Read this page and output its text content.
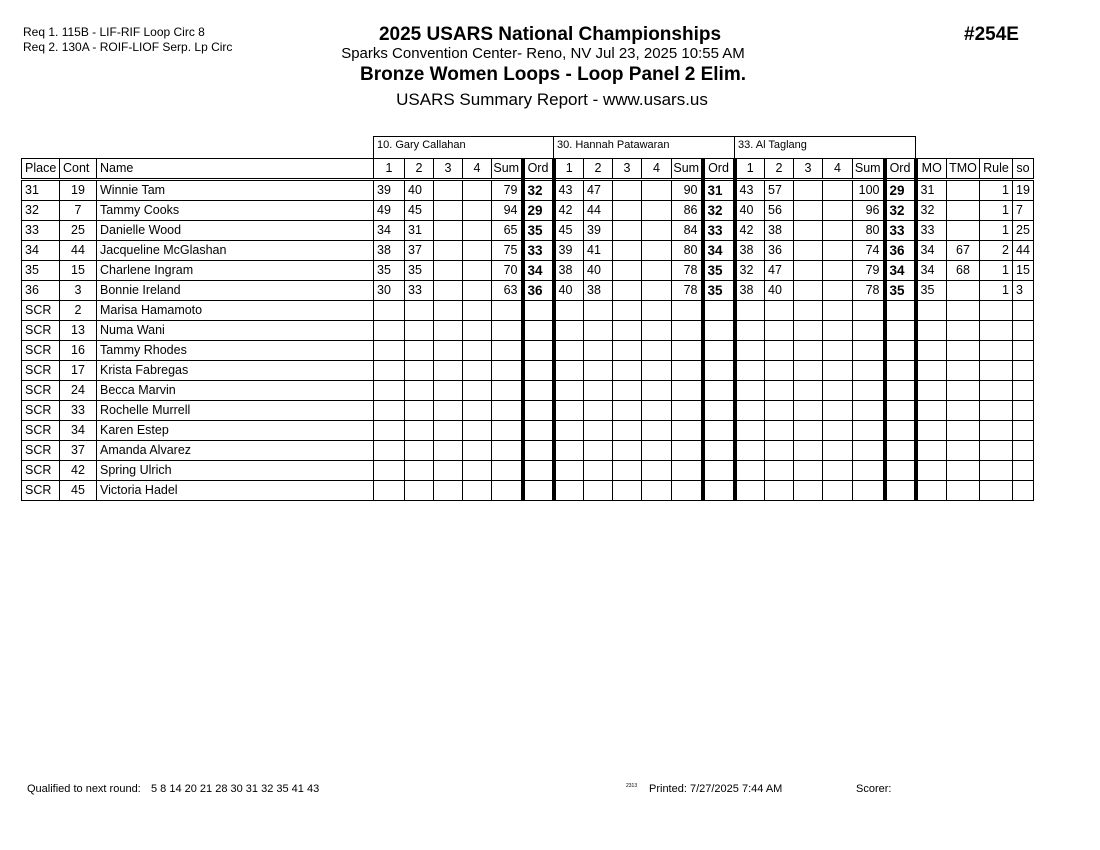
Req 1. 115B - LIF-RIF Loop Circ 8
Req 2. 130A - ROIF-LIOF Serp. Lp Circ
2025 USARS National Championships
Sparks Convention Center- Reno, NV Jul 23, 2025 10:55 AM
Bronze Women Loops - Loop Panel 2 Elim.
USARS Summary Report - www.usars.us
#254E
			10. Gary Callahan						30. Hannah Patawaran						33. Al Taglang									
Place	Cont	Name	1	2	3	4	Sum	Ord	1	2	3	4	Sum	Ord	1	2	3	4	Sum	Ord	MO	TMO	Rule	so
31	19	Winnie Tam	39	40			79	32	43	47			90	31	43	57			100	29	31		1	19
32	7	Tammy Cooks	49	45			94	29	42	44			86	32	40	56			96	32	32		1	7
33	25	Danielle Wood	34	31			65	35	45	39			84	33	42	38			80	33	33		1	25
34	44	Jacqueline McGlashan	38	37			75	33	39	41			80	34	38	36			74	36	34	67	2	44
35	15	Charlene Ingram	35	35			70	34	38	40			78	35	32	47			79	34	34	68	1	15
36	3	Bonnie Ireland	30	33			63	36	40	38			78	35	38	40			78	35	35		1	3
SCR	2	Marisa Hamamoto																						
SCR	13	Numa Wani																						
SCR	16	Tammy Rhodes																						
SCR	17	Krista Fabregas																						
SCR	24	Becca Marvin																						
SCR	33	Rochelle Murrell																						
SCR	34	Karen Estep																						
SCR	37	Amanda Alvarez																						
SCR	42	Spring Ulrich																						
SCR	45	Victoria Hadel																						
Qualified to next round: 5 8 14 20 21 28 30 31 32 35 41 43	2313 Printed: 7/27/2025 7:44 AM	Scorer:
